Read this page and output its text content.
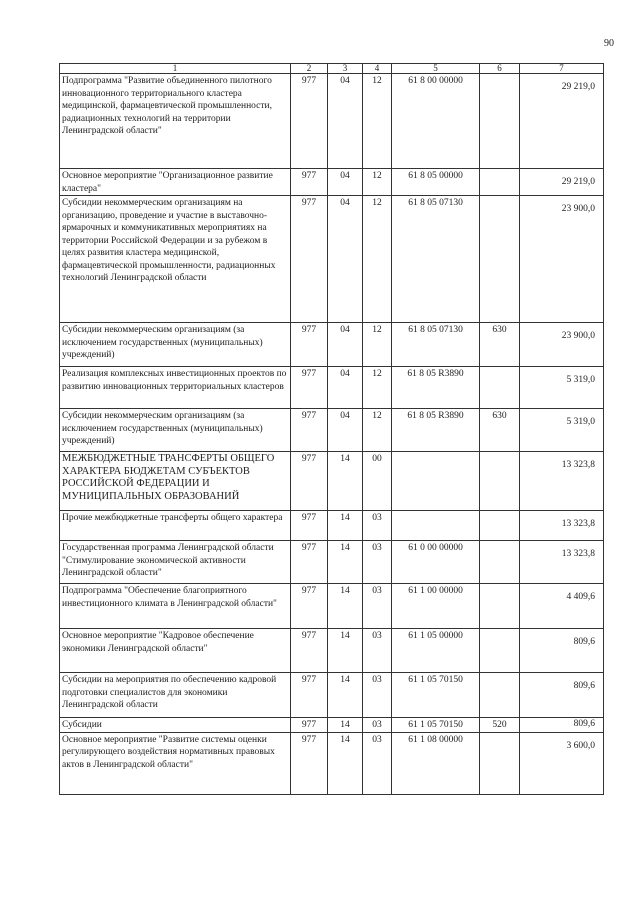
90
1	2	3	4	5	6	7
Подпрограмма "Развитие объединенного пилотного инновационного территориального кластера медицинской, фармацевтической промышленности, радиационных технологий на территории Ленинградской области"	977	04	12	61 8 00 00000		29 219,0
Основное мероприятие "Организационное развитие кластера"	977	04	12	61 8 05 00000		29 219,0
Субсидии некоммерческим организациям на организацию, проведение и участие в выставочно-ярмарочных и коммуникативных мероприятиях на территории Российской Федерации и за рубежом в целях развития кластера медицинской, фармацевтической промышленности, радиационных технологий Ленинградской области	977	04	12	61 8 05 07130		23 900,0
Субсидии некоммерческим организациям (за исключением государственных (муниципальных) учреждений)	977	04	12	61 8 05 07130	630	23 900,0
Реализация комплексных инвестиционных проектов по развитию инновационных территориальных кластеров	977	04	12	61 8 05 R3890		5 319,0
Субсидии некоммерческим организациям (за исключением государственных (муниципальных) учреждений)	977	04	12	61 8 05 R3890	630	5 319,0
МЕЖБЮДЖЕТНЫЕ ТРАНСФЕРТЫ ОБЩЕГО ХАРАКТЕРА БЮДЖЕТАМ СУБЪЕКТОВ РОССИЙСКОЙ ФЕДЕРАЦИИ И МУНИЦИПАЛЬНЫХ ОБРАЗОВАНИЙ	977	14	00			13 323,8
Прочие межбюджетные трансферты общего характера	977	14	03			13 323,8
Государственная программа Ленинградской области "Стимулирование экономической активности Ленинградской области"	977	14	03	61 0 00 00000		13 323,8
Подпрограмма "Обеспечение благоприятного инвестиционного климата в Ленинградской области"	977	14	03	61 1 00 00000		4 409,6
Основное мероприятие "Кадровое обеспечение экономики Ленинградской области"	977	14	03	61 1 05 00000		809,6
Субсидии на мероприятия по обеспечению кадровой подготовки специалистов для экономики Ленинградской области	977	14	03	61 1 05 70150		809,6
Субсидии	977	14	03	61 1 05 70150	520	809,6
Основное мероприятие "Развитие системы оценки регулирующего воздействия нормативных правовых актов в Ленинградской области"	977	14	03	61 1 08 00000		3 600,0
